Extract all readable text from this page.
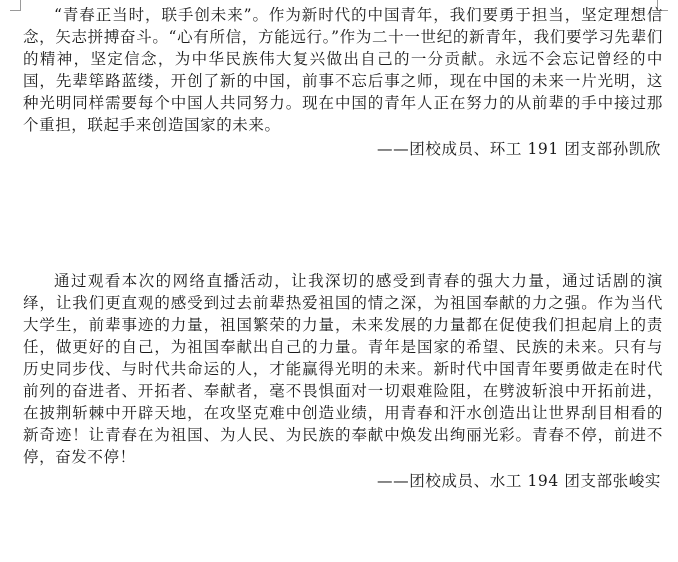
“青春正当时，联手创未来”。作为新时代的中国青年，我们要勇于担当，坚定理想信念，矢志拼搏奋斗。“心有所信，方能远行。”作为二十一世纪的新青年，我们要学习先辈们的精神，坚定信念，为中华民族伟大复兴做出自己的一分贡献。永远不会忘记曾经的中国，先辈筚路蓝缕，开创了新的中国，前事不忘后事之师，现在中国的未来一片光明，这种光明同样需要每个中国人共同努力。现在中国的青年人正在努力的从前辈的手中接过那个重担，联起手来创造国家的未来。

——团校成员、环工 191 团支部孙凯欣

通过观看本次的网络直播活动，让我深切的感受到青春的强大力量，通过话剧的演绎，让我们更直观的感受到过去前辈热爱祖国的情之深，为祖国奉献的力之强。作为当代大学生，前辈事迹的力量，祖国繁荣的力量，未来发展的力量都在促使我们担起肩上的责任，做更好的自己，为祖国奉献出自己的力量。青年是国家的希望、民族的未来。只有与历史同步伐、与时代共命运的人，才能赢得光明的未来。新时代中国青年要勇做走在时代前列的奋进者、开拓者、奉献者，毫不畏惧面对一切艰难险阻，在劈波斩浪中开拓前进，在披荆斩棘中开辟天地，在攻坚克难中创造业绩，用青春和汗水创造出让世界刮目相看的新奇迹！让青春在为祖国、为人民、为民族的奉献中焕发出绚丽光彩。青春不停，前进不停，奋发不停！

——团校成员、水工 194 团支部张峻实
